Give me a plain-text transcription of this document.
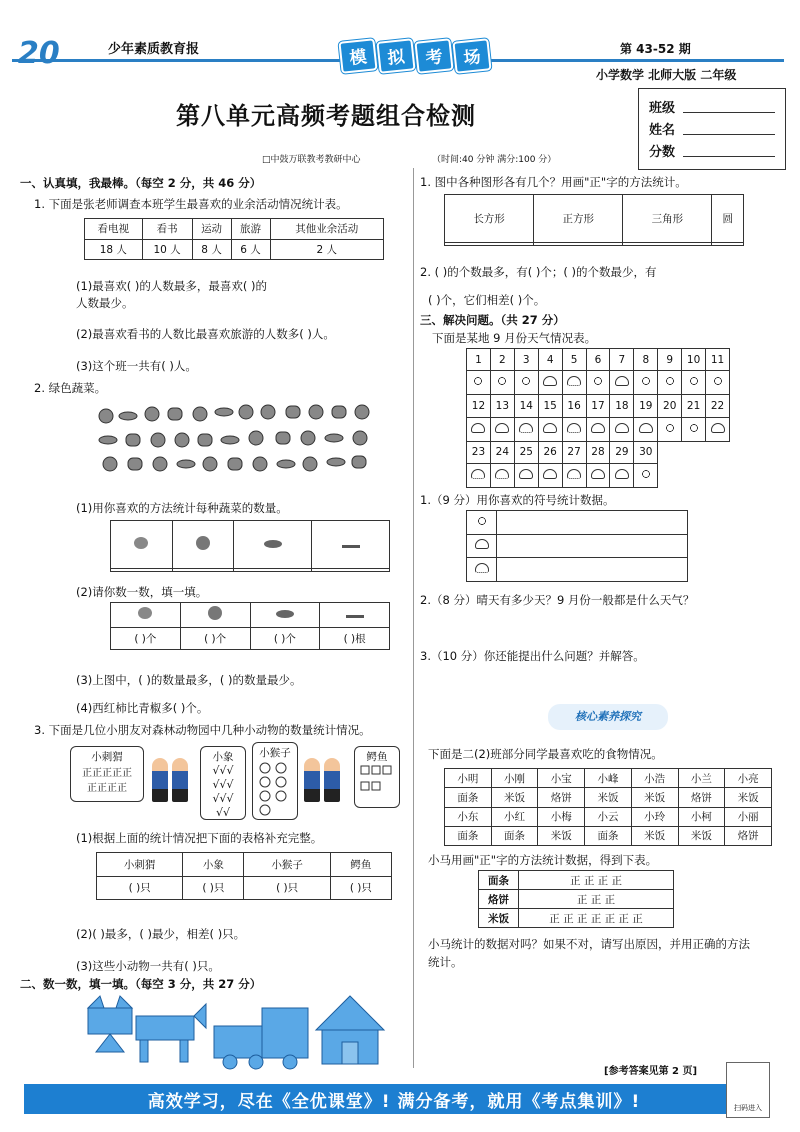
20	少年素质教育报	模	拟	考	场	第 43-52 期
小学数学 北师大版 二年级
第八单元高频考题组合检测	班级
姓名
分数
□中鼓万联教考教研中心	（时间:40 分钟 满分:100 分）
一、认真填，我最棒。（每空 2 分，共 46 分）
1. 下面是张老师调查本班学生最喜欢的业余活动情况统计表。
看电视	看书	运动	旅游	其他业余活动
18 人	10 人	8 人	6 人	2 人
(1)最喜欢( )的人数最多，最喜欢( )的
人数最少。
(2)最喜欢看书的人数比最喜欢旅游的人数多( )人。
(3)这个班一共有( )人。
2. 绿色蔬菜。
(1)用你喜欢的方法统计每种蔬菜的数量。

(2)请你数一数，填一填。

( )个	( )个	( )个	( )根
(3)上图中，( )的数量最多，( )的数量最少。
(4)西红柿比青椒多( )个。
3. 下面是几位小朋友对森林动物园中几种小动物的数量统计情况。
小刺猬
正正正正正
正正正正

小象
√√√
√√√
√√√
√√
小猴子
	鳄鱼
(1)根据上面的统计情况把下面的表格补充完整。
小刺猬	小象	小猴子	鳄鱼
( )只	( )只	( )只	( )只
(2)( )最多，( )最少，相差( )只。
(3)这些小动物一共有( )只。
二、数一数，填一填。（每空 3 分，共 27 分）
1. 图中各种图形各有几个？用画"正"字的方法统计。
长方形	正方形	三角形	圆

2. ( )的个数最多，有( )个；( )的个数最少，有
( )个，它们相差( )个。
三、解决问题。（共 27 分）
下面是某地 9 月份天气情况表。
1	2	3	4	5	6	7	8	9	10	11

12	13	14	15	16	17	18	19	20	21	22

23	24	25	26	27	28	29	30			

1.（9 分）用你喜欢的符号统计数据。

2.（8 分）晴天有多少天？9 月份一般都是什么天气？
3.（10 分）你还能提出什么问题？并解答。
核心素养探究
下面是二(2)班部分同学最喜欢吃的食物情况。
小明	小刚	小宝	小峰	小浩	小兰	小亮
面条	米饭	烙饼	米饭	米饭	烙饼	米饭
小东	小红	小梅	小云	小玲	小柯	小丽
面条	面条	米饭	面条	米饭	米饭	烙饼
小马用画"正"字的方法统计数据，得到下表。
面条	正 正 正 正
烙饼	正 正 正
米饭	正 正 正 正 正 正 正
小马统计的数据对吗？如果不对，请写出原因，并用正确的方法
统计。
[参考答案见第 2 页]
高效学习，尽在《全优课堂》! 满分备考，就用《考点集训》!	扫码进入
